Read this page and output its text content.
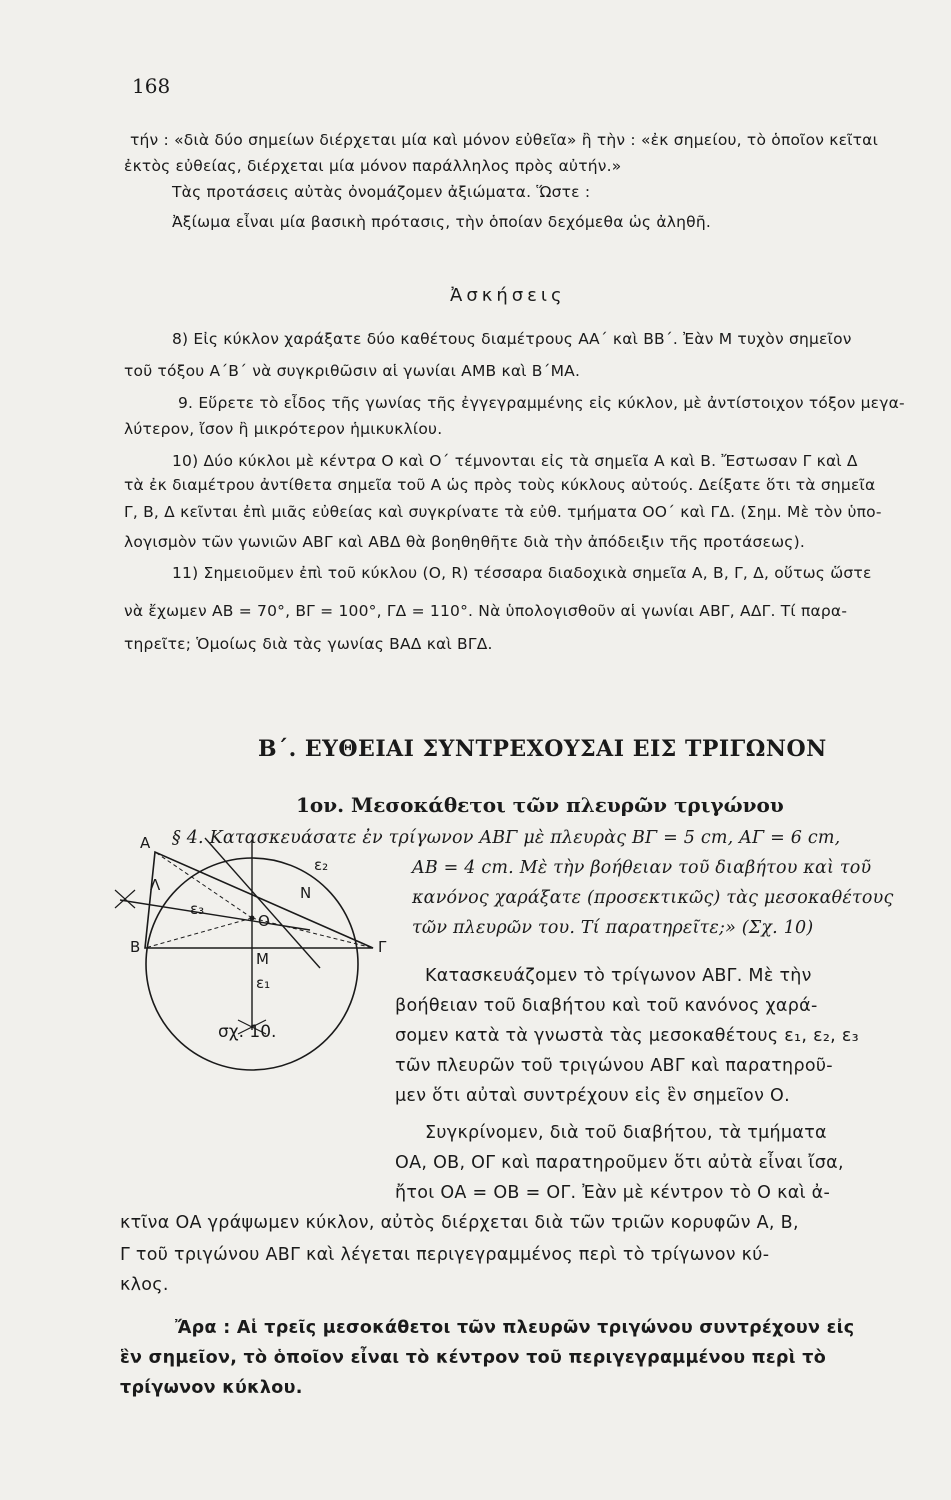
168
τήν : «διὰ δύο σημείων διέρχεται μία καὶ μόνον εὐθεῖα» ἢ τὴν : «ἐκ σημείου, τὸ ὁποῖον κεῖται
ἐκτὸς εὐθείας, διέρχεται μία μόνον παράλληλος πρὸς αὐτήν.»
Τὰς προτάσεις αὐτὰς ὀνομάζομεν ἀξιώματα. Ὥστε :
Ἀξίωμα εἶναι μία βασικὴ πρότασις, τὴν ὁποίαν δεχόμεθα ὡς ἀληθῆ.
Ἀσκήσεις
8) Εἰς κύκλον χαράξατε δύο καθέτους διαμέτρους ΑΑ΄ καὶ ΒΒ΄. Ἐὰν Μ τυχὸν σημεῖον
τοῦ τόξου Α΄Β΄ νὰ συγκριθῶσιν αἱ γωνίαι ΑΜΒ καὶ Β΄ΜΑ.
9. Εὕρετε τὸ εἶδος τῆς γωνίας τῆς ἐγγεγραμμένης εἰς κύκλον, μὲ ἀντίστοιχον τόξον μεγα-
λύτερον, ἴσον ἢ μικρότερον ἡμικυκλίου.
10) Δύο κύκλοι μὲ κέντρα Ο καὶ Ο΄ τέμνονται εἰς τὰ σημεῖα Α καὶ Β. Ἔστωσαν Γ καὶ Δ
τὰ ἐκ διαμέτρου ἀντίθετα σημεῖα τοῦ Α ὡς πρὸς τοὺς κύκλους αὐτούς. Δείξατε ὅτι τὰ σημεῖα
Γ, Β, Δ κεῖνται ἐπὶ μιᾶς εὐθείας καὶ συγκρίνατε τὰ εὐθ. τμήματα ΟΟ΄ καὶ ΓΔ. (Σημ. Μὲ τὸν ὑπο-
λογισμὸν τῶν γωνιῶν ΑΒΓ καὶ ΑΒΔ θὰ βοηθηθῆτε διὰ τὴν ἀπόδειξιν τῆς προτάσεως).
11) Σημειοῦμεν ἐπὶ τοῦ κύκλου (Ο, R) τέσσαρα διαδοχικὰ σημεῖα Α, Β, Γ, Δ, οὕτως ὥστε
νὰ ἔχωμεν ΑΒ = 70°, ΒΓ = 100°, ΓΔ = 110°. Νὰ ὑπολογισθοῦν αἱ γωνίαι ΑΒΓ, ΑΔΓ. Τί παρα-
τηρεῖτε; Ὁμοίως διὰ τὰς γωνίας ΒΑΔ καὶ ΒΓΔ.
Β΄. ΕΥΘΕΙΑΙ ΣΥΝΤΡΕΧΟΥΣΑΙ ΕΙΣ ΤΡΙΓΩΝΟΝ
1ον. Μεσοκάθετοι τῶν πλευρῶν τριγώνου
§ 4. Κατασκευάσατε ἐν τρίγωνον ΑΒΓ μὲ πλευρὰς ΒΓ = 5 cm, ΑΓ = 6 cm,
ΑΒ = 4 cm. Μὲ τὴν βοήθειαν τοῦ διαβήτου καὶ τοῦ
κανόνος χαράξατε (προσεκτικῶς) τὰς μεσοκαθέτους
τῶν πλευρῶν του. Τί παρατηρεῖτε;» (Σχ. 10)
Α
Β	Γ
Ο
Μ
Ν
Λ
ε₁
ε₂
ε₃
σχ. 10.
Κατασκευάζομεν τὸ τρίγωνον ΑΒΓ. Μὲ τὴν
βοήθειαν τοῦ διαβήτου καὶ τοῦ κανόνος χαρά-
σομεν κατὰ τὰ γνωστὰ τὰς μεσοκαθέτους ε₁, ε₂, ε₃
τῶν πλευρῶν τοῦ τριγώνου ΑΒΓ καὶ παρατηροῦ-
μεν ὅτι αὐταὶ συντρέχουν εἰς ἓν σημεῖον Ο.
Συγκρίνομεν, διὰ τοῦ διαβήτου, τὰ τμήματα
ΟΑ, ΟΒ, ΟΓ καὶ παρατηροῦμεν ὅτι αὐτὰ εἶναι ἴσα,
ἤτοι ΟΑ = ΟΒ = ΟΓ. Ἐὰν μὲ κέντρον τὸ Ο καὶ ἀ-
κτῖνα ΟΑ γράψωμεν κύκλον, αὐτὸς διέρχεται διὰ τῶν τριῶν κορυφῶν Α, Β,
Γ τοῦ τριγώνου ΑΒΓ καὶ λέγεται περιγεγραμμένος περὶ τὸ τρίγωνον κύ-
κλος.
Ἄρα : Αἱ τρεῖς μεσοκάθετοι τῶν πλευρῶν τριγώνου συντρέχουν εἰς
ἓν σημεῖον, τὸ ὁποῖον εἶναι τὸ κέντρον τοῦ περιγεγραμμένου περὶ τὸ
τρίγωνον κύκλου.
